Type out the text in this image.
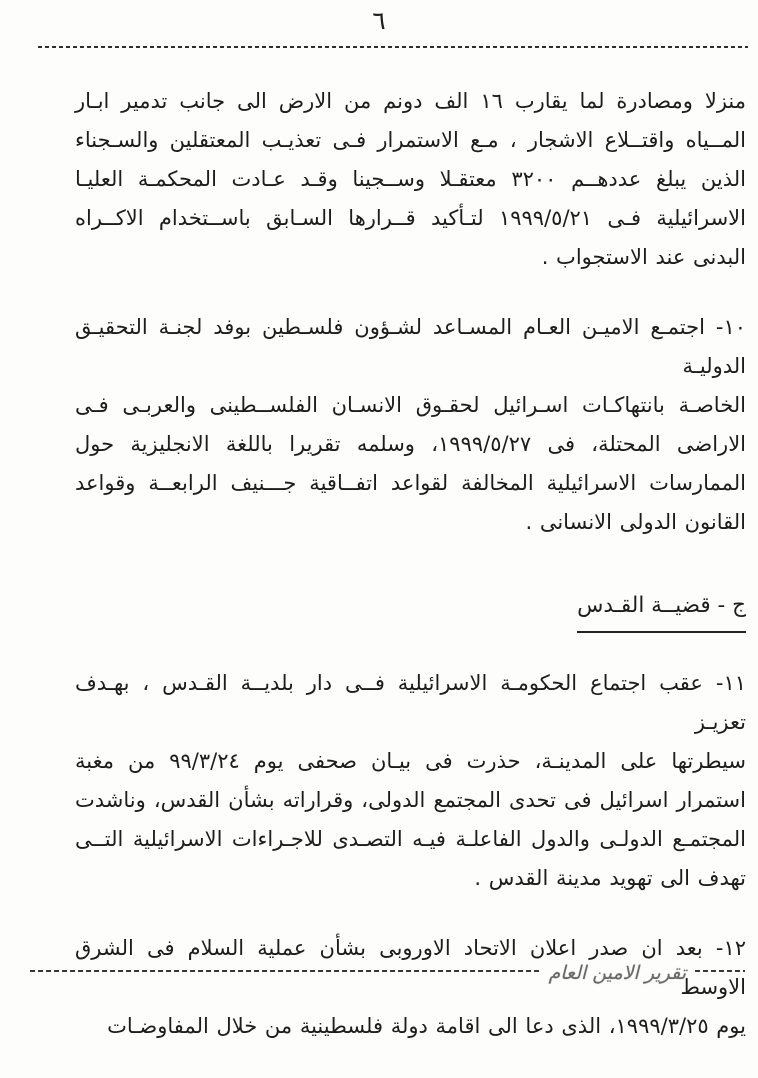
٦
منزلا ومصادرة لما يقارب ١٦ الف دونم من الارض الى جانب تدمير ابـار
المــياه واقتــلاع الاشجار ، مـع الاستمرار فـى تعذيـب المعتقلين والسـجناء
الذين يبلغ عددهــم ٣٢٠٠ معتقـلا وســجينا وقـد عـادت المحكمـة العليـا
الاسرائيلية فـى ١٩٩٩/٥/٢١ لتـأكيد قــرارها السـابق باســتخدام الاكــراه
البدنى عند الاستجواب .
١٠- اجتمـع الاميـن العـام المسـاعد لشـؤون فلسـطين بوفد لجنـة التحقيـق الدوليـة
الخاصـة بانتهاكـات اسـرائيل لحقـوق الانسـان الفلســطينى والعربـى فـى
الاراضى المحتلة، فى ١٩٩٩/٥/٢٧، وسلمه تقريرا باللغة الانجليزية حول
الممارسات الاسرائيلية المخالفة لقواعد اتفــاقية جـــنيف الرابعــة وقواعد
القانون الدولى الانسانى .
ج - قضيــة القـدس
١١- عقب اجتماع الحكومـة الاسرائيلية فــى دار بلديــة القـدس ، بهـدف تعزيـز
سيطرتها على المدينـة، حذرت فى بيـان صحفى يوم ٩٩/٣/٢٤ من مغبة
استمرار اسرائيل فى تحدى المجتمع الدولى، وقراراته بشأن القدس، وناشدت
المجتمـع الدولـى والدول الفاعلـة فيـه التصـدى للاجـراءات الاسرائيلية التــى
تهدف الى تهويد مدينة القدس .
١٢- بعد ان صدر اعلان الاتحاد الاوروبى بشأن عملية السلام فى الشرق الاوسط
يوم ١٩٩٩/٣/٢٥، الذى دعا الى اقامة دولة فلسطينية من خلال المفاوضـات
تقرير الامين العام
